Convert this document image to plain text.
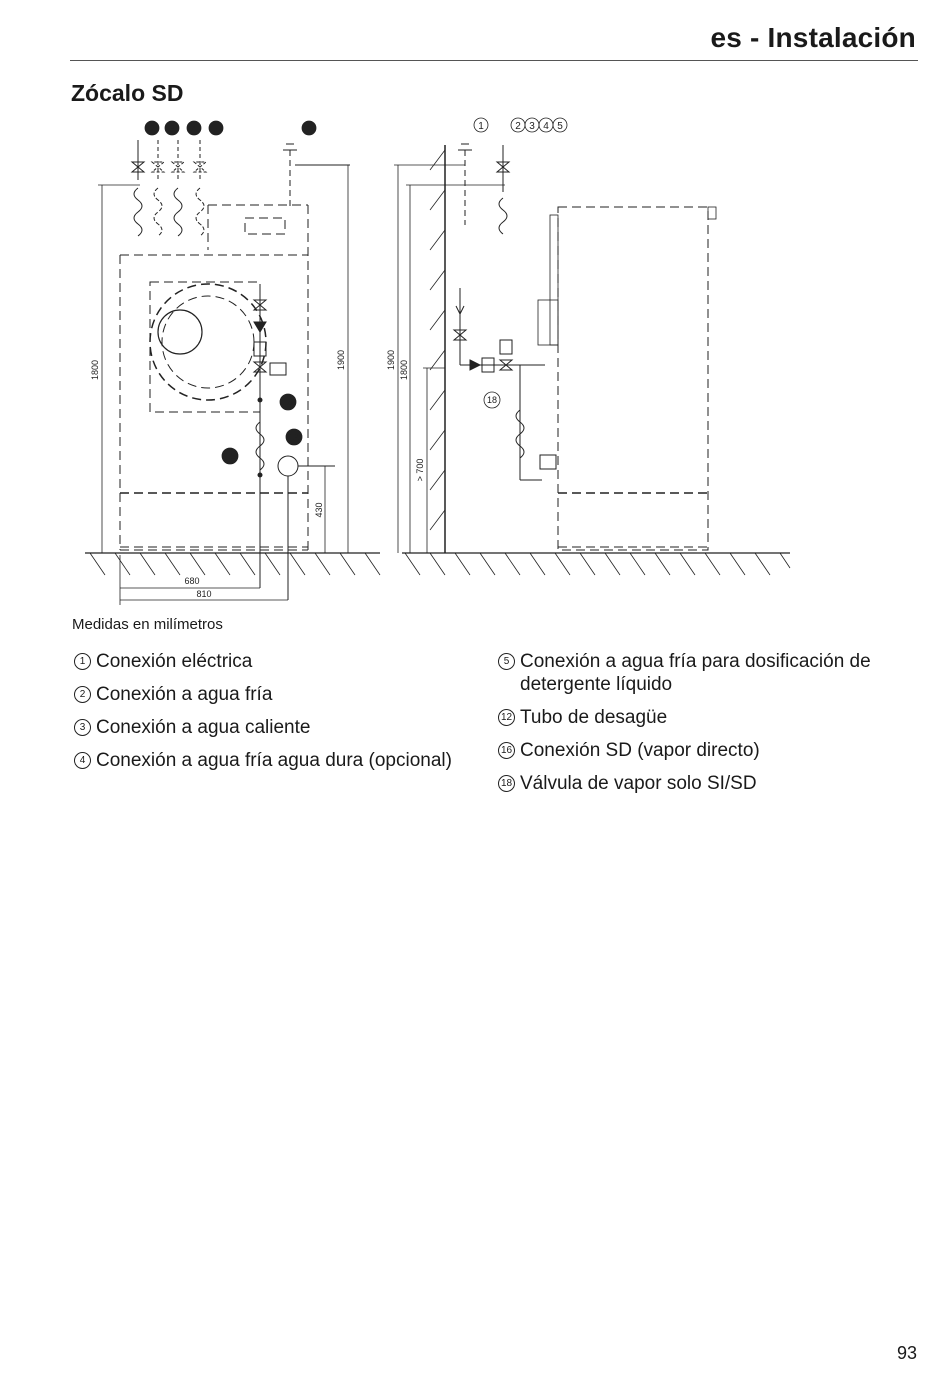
es - Instalación
Zócalo SD
2 3 4 5	1
18
12
16
1800	1900
430
680
810
1	2 3 4 5
18
1900 1800
> 700
Medidas en milímetros
1 Conexión eléctrica
2 Conexión a agua fría
3 Conexión a agua caliente
4 Conexión a agua fría agua dura (opcional)
5 Conexión a agua fría para dosificación de detergente líquido
12 Tubo de desagüe
16 Conexión SD (vapor directo)
18 Válvula de vapor solo SI/SD
93
